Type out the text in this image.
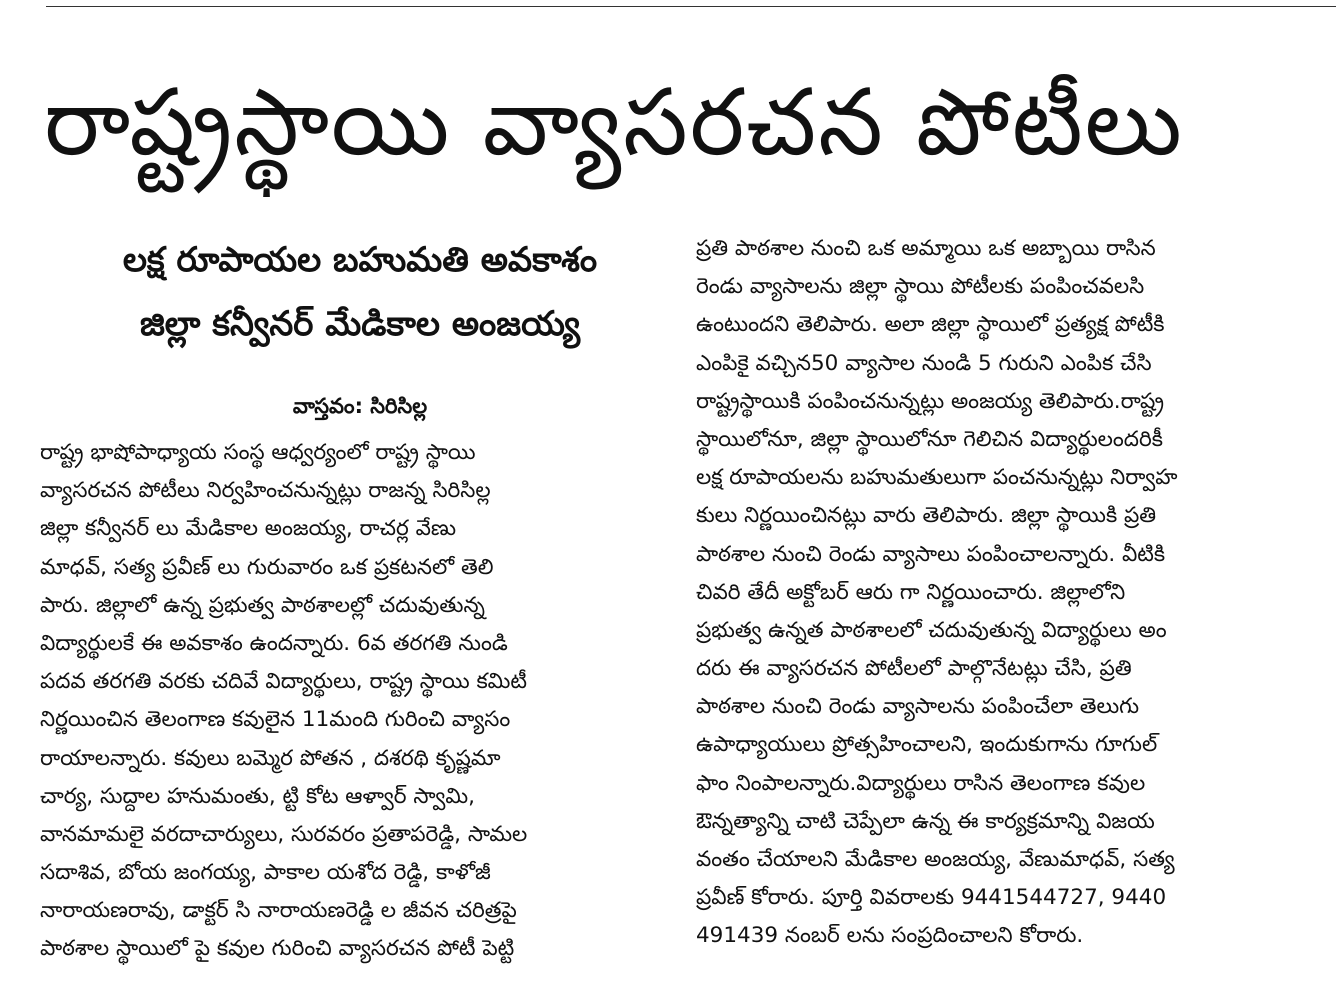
రాష్ట్రస్థాయి వ్యాసరచన పోటీలు
లక్ష రూపాయల బహుమతి అవకాశం
జిల్లా కన్వీనర్ మేడికాల అంజయ్య
వాస్తవం: సిరిసిల్ల
రాష్ట్ర భాషోపాధ్యాయ సంస్థ ఆధ్వర్యంలో రాష్ట్ర స్థాయి
వ్యాసరచన పోటీలు నిర్వహించనున్నట్లు రాజన్న సిరిసిల్ల
జిల్లా కన్వీనర్ లు మేడికాల అంజయ్య, రాచర్ల వేణు
మాధవ్, సత్య ప్రవీణ్ లు గురువారం ఒక ప్రకటనలో తెలి
పారు. జిల్లాలో ఉన్న ప్రభుత్వ పాఠశాలల్లో చదువుతున్న
విద్యార్థులకే ఈ అవకాశం ఉందన్నారు. 6వ తరగతి నుండి
పదవ తరగతి వరకు చదివే విద్యార్థులు, రాష్ట్ర స్థాయి కమిటీ
నిర్ణయించిన తెలంగాణ కవులైన 11మంది గురించి వ్యాసం
రాయాలన్నారు. కవులు బమ్మెర పోతన , దశరథి కృష్ణమా
చార్య, సుద్దాల హనుమంతు, ట్టి కోట ఆళ్వార్ స్వామి,
వానమామలై వరదాచార్యులు, సురవరం ప్రతాపరెడ్డి, సామల
సదాశివ, బోయ జంగయ్య, పాకాల యశోద రెడ్డి, కాళోజీ
నారాయణరావు, డాక్టర్ సి నారాయణరెడ్డి ల జీవన చరిత్రపై
పాఠశాల స్థాయిలో పై కవుల గురించి వ్యాసరచన పోటీ పెట్టి
ప్రతి పాఠశాల నుంచి ఒక అమ్మాయి ఒక అబ్బాయి రాసిన
రెండు వ్యాసాలను జిల్లా స్థాయి పోటీలకు పంపించవలసి
ఉంటుందని తెలిపారు. అలా జిల్లా స్థాయిలో ప్రత్యక్ష పోటీకి
ఎంపికై వచ్చిన50 వ్యాసాల నుండి 5 గురుని ఎంపిక చేసి
రాష్ట్రస్థాయికి పంపించనున్నట్లు అంజయ్య తెలిపారు.రాష్ట్ర
స్థాయిలోనూ, జిల్లా స్థాయిలోనూ గెలిచిన విద్యార్థులందరికీ
లక్ష రూపాయలను బహుమతులుగా పంచనున్నట్లు నిర్వాహ
కులు నిర్ణయించినట్లు వారు తెలిపారు. జిల్లా స్థాయికి ప్రతి
పాఠశాల నుంచి రెండు వ్యాసాలు పంపించాలన్నారు. వీటికి
చివరి తేదీ అక్టోబర్ ఆరు గా నిర్ణయించారు. జిల్లాలోని
ప్రభుత్వ ఉన్నత పాఠశాలలో చదువుతున్న విద్యార్థులు అం
దరు ఈ వ్యాసరచన పోటీలలో పాల్గొనేటట్లు చేసి, ప్రతి
పాఠశాల నుంచి రెండు వ్యాసాలను పంపించేలా తెలుగు
ఉపాధ్యాయులు ప్రోత్సహించాలని, ఇందుకుగాను గూగుల్
ఫాం నింపాలన్నారు.విద్యార్థులు రాసిన తెలంగాణ కవుల
ఔన్నత్యాన్ని చాటి చెప్పేలా ఉన్న ఈ కార్యక్రమాన్ని విజయ
వంతం చేయాలని మేడికాల అంజయ్య, వేణుమాధవ్, సత్య
ప్రవీణ్ కోరారు. పూర్తి వివరాలకు 9441544727, 9440
491439 నంబర్ లను సంప్రదించాలని కోరారు.
